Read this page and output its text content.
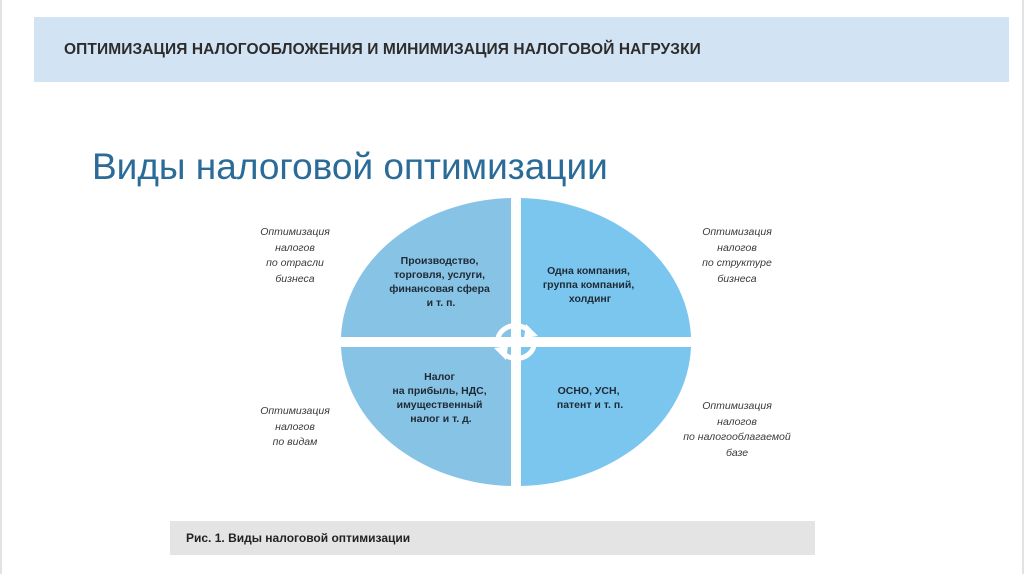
ОПТИМИЗАЦИЯ НАЛОГООБЛОЖЕНИЯ И МИНИМИЗАЦИЯ НАЛОГОВОЙ НАГРУЗКИ
Виды налоговой оптимизации
Оптимизация
налогов
по отрасли
бизнеса
Оптимизация
налогов
по структуре
бизнеса
Оптимизация
налогов
по видам
Оптимизация
налогов
по налогооблагаемой
базе
Производство, торговля, услуги, финансовая сфера и т. п.
Одна компания, группа компаний, холдинг
Налог на прибыль, НДС, имущественный налог и т. д.
ОСНО, УСН, патент и т. п.
Рис. 1. Виды налоговой оптимизации
